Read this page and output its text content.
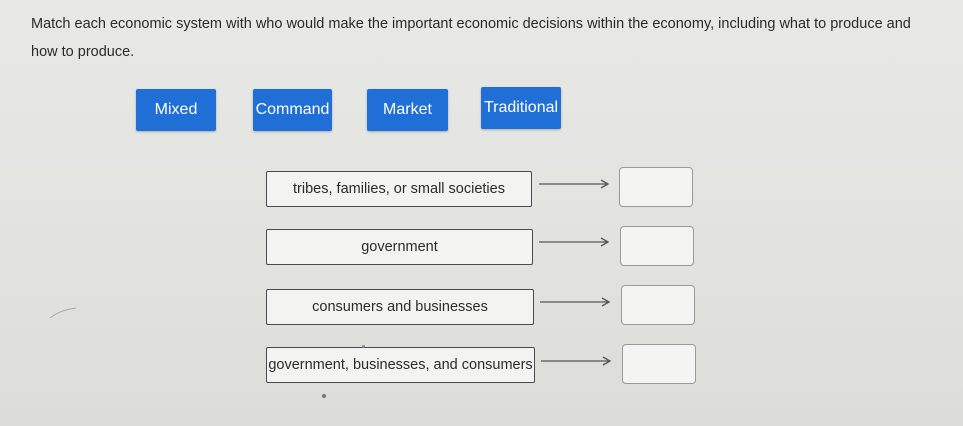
Match each economic system with who would make the important economic decisions within the economy, including what to produce and how to produce.
Mixed	Command	Market	Traditional
tribes, families, or small societies
government
consumers and businesses
government, businesses, and consumers
